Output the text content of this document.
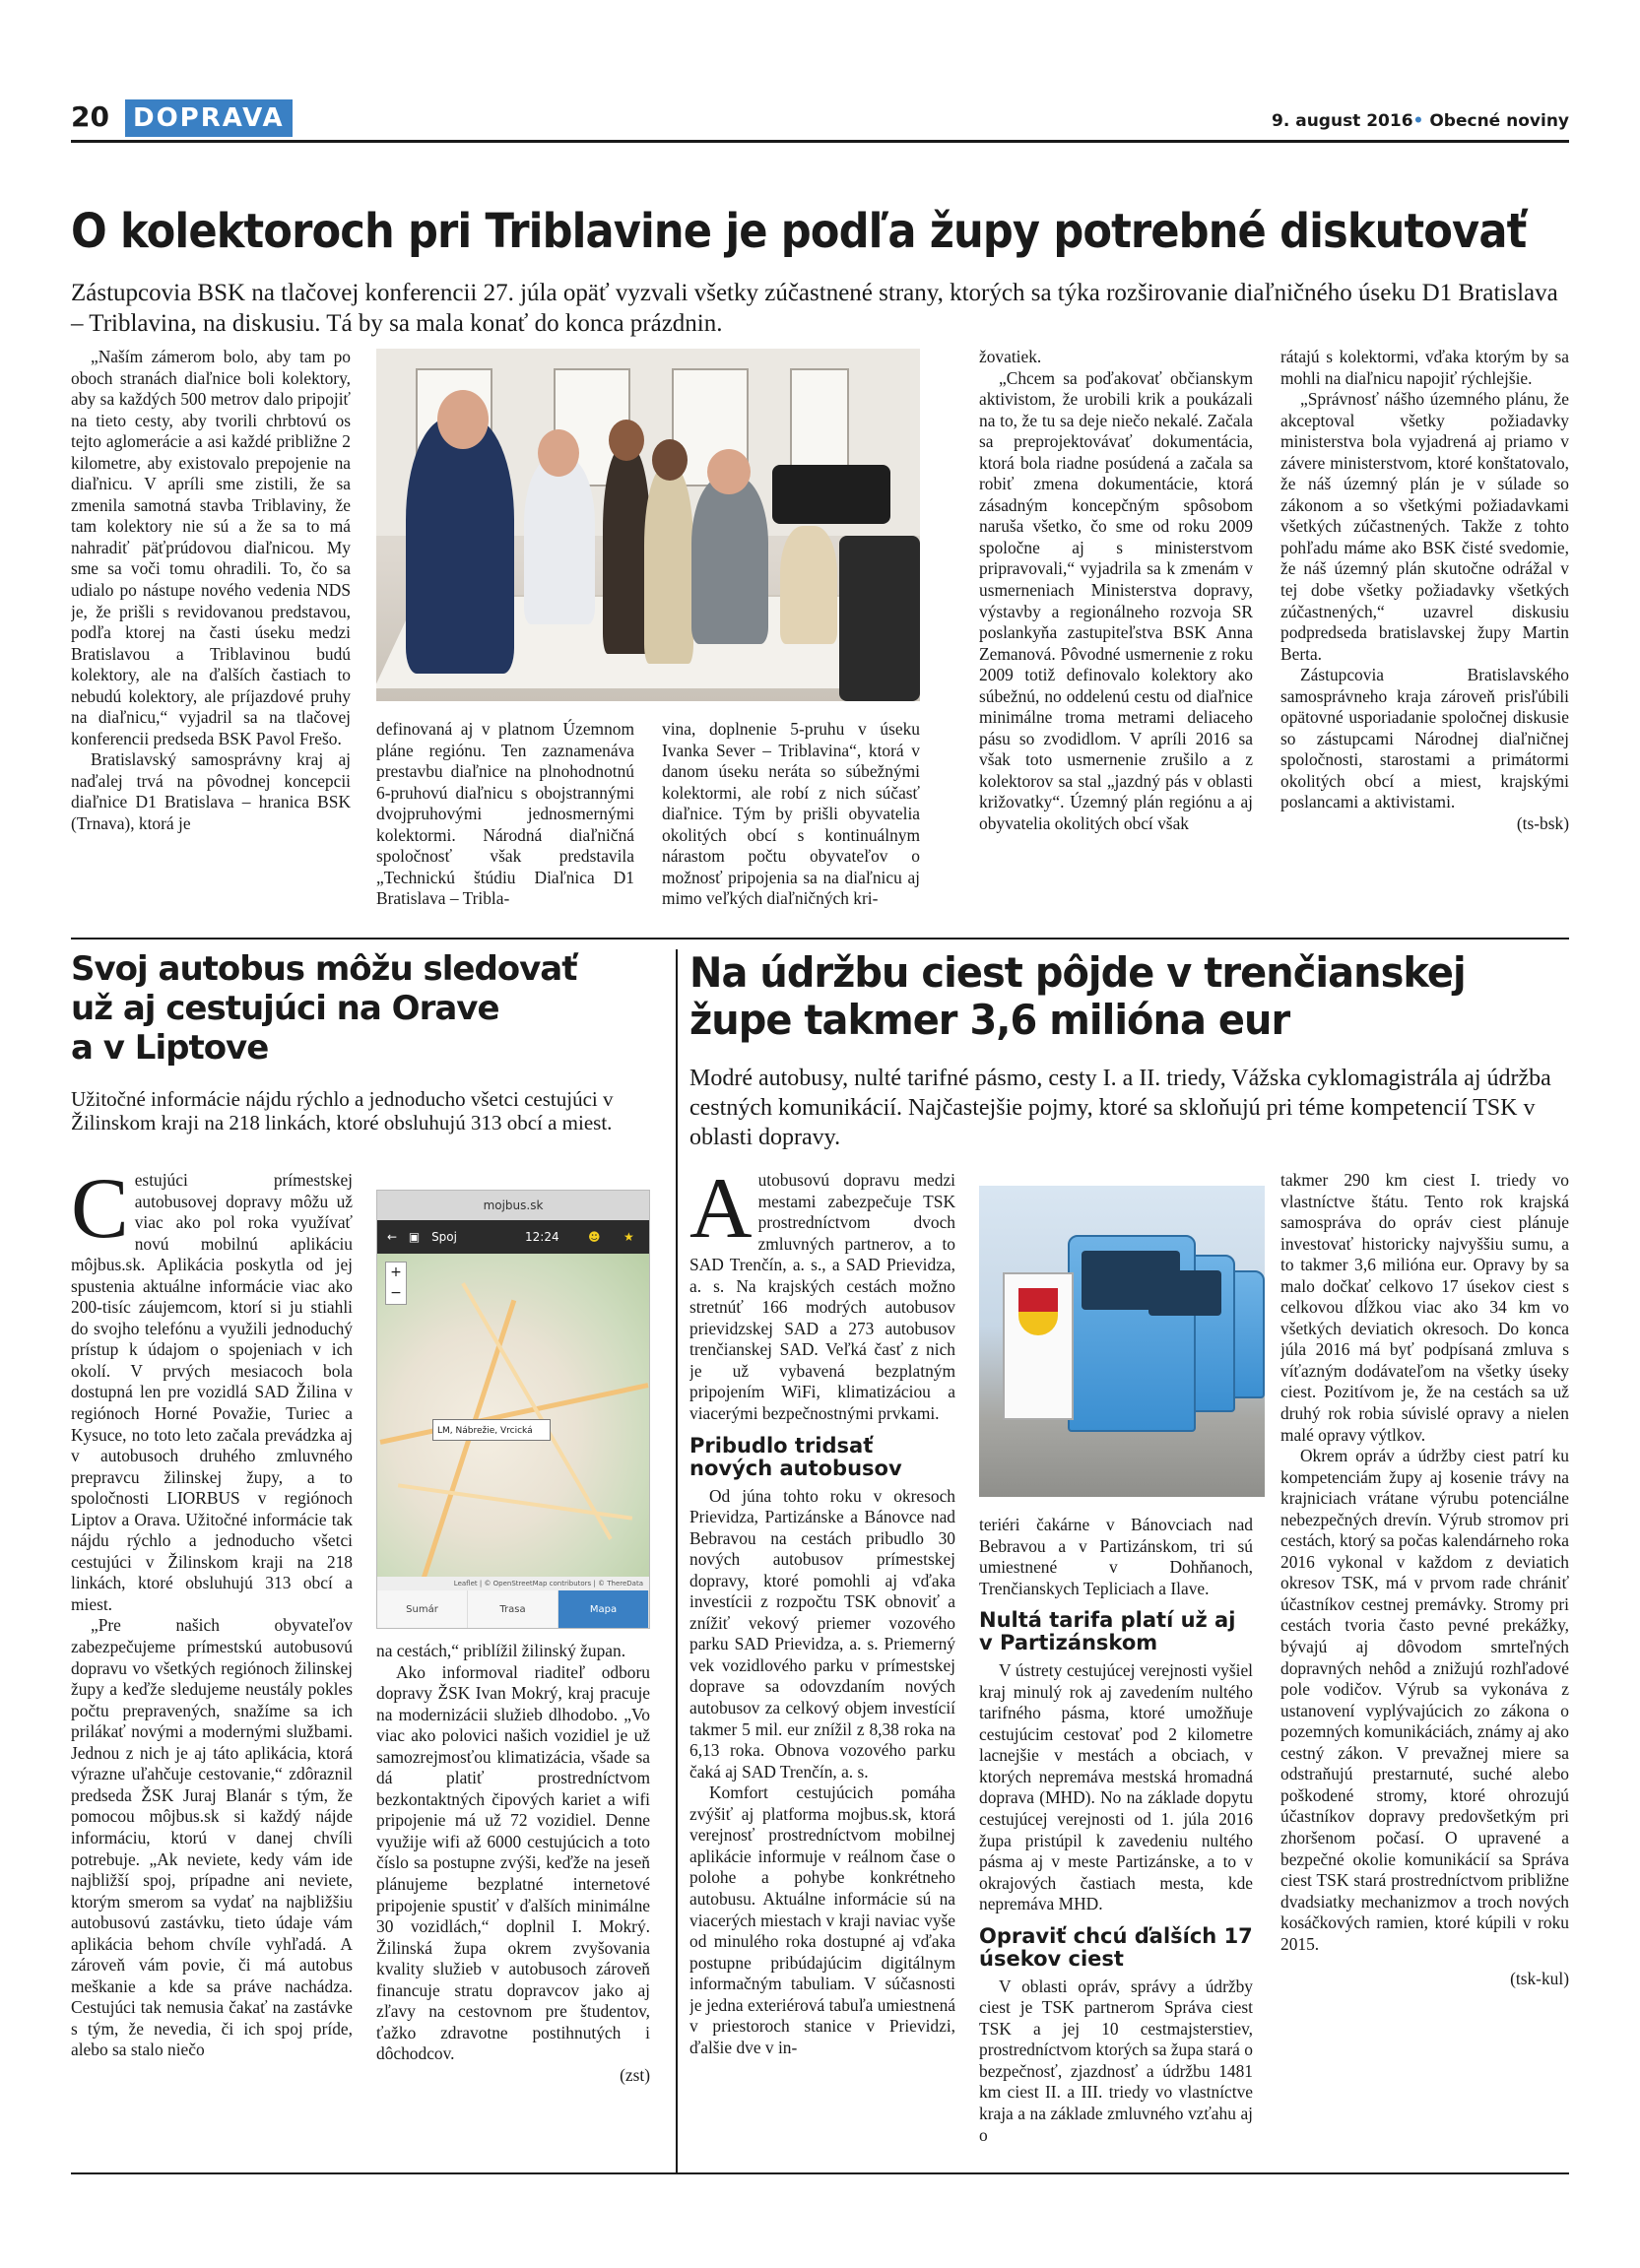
20 DOPRAVA	9. august 2016• Obecné noviny
O kolektoroch pri Triblavine je podľa župy potrebné diskutovať
Zástupcovia BSK na tlačovej konferencii 27. júla opäť vyzvali všetky zúčastnené strany, ktorých sa týka rozširovanie diaľničného úseku D1 Bratislava – Triblavina, na diskusiu. Tá by sa mala konať do konca prázdnin.

„Naším zámerom bolo, aby tam po oboch stranách diaľnice boli kolektory, aby sa každých 500 metrov dalo pripojiť na tieto cesty, aby tvorili chrbtovú os tejto aglomerácie a asi každé približne 2 kilometre, aby existovalo prepojenie na diaľnicu. V apríli sme zistili, že sa zmenila samotná stavba Triblaviny, že tam kolektory nie sú a že sa to má nahradiť päťprúdovou diaľnicou. My sme sa voči tomu ohradili. To, čo sa udialo po nástupe nového vedenia NDS je, že prišli s revidovanou predstavou, podľa ktorej na časti úseku medzi Bratislavou a Triblavinou budú kolektory, ale na ďalších častiach to nebudú kolektory, ale príjazdové pruhy na diaľnicu,“ vyjadril sa na tlačovej konferencii predseda BSK Pavol Frešo.

Bratislavský samosprávny kraj aj naďalej trvá na pôvodnej koncepcii diaľnice D1 Bratislava – hranica BSK (Trnava), ktorá je

definovaná aj v platnom Územnom pláne regiónu. Ten zaznamenáva prestavbu diaľnice na plnohodnotnú 6-pruhovú diaľnicu s obojstrannými dvojpruhovými jednosmernými kolektormi. Národná diaľničná spoločnosť však predstavila „Technickú štúdiu Diaľnica D1 Bratislava – Tribla-

vina, doplnenie 5-pruhu v úseku Ivanka Sever – Triblavina“, ktorá v danom úseku neráta so súbežnými kolektormi, ale robí z nich súčasť diaľnice. Tým by prišli obyvatelia okolitých obcí s kontinuálnym nárastom počtu obyvateľov o možnosť pripojenia sa na diaľnicu aj mimo veľkých diaľničných kri-

žovatiek.

„Chcem sa poďakovať občianskym aktivistom, že urobili krik a poukázali na to, že tu sa deje niečo nekalé. Začala sa preprojektovávať dokumentácia, ktorá bola riadne posúdená a začala sa robiť zmena dokumentácie, ktorá zásadným koncepčným spôsobom naruša všetko, čo sme od roku 2009 spoločne aj s ministerstvom pripravovali,“ vyjadrila sa k zmenám v usmerneniach Ministerstva dopravy, výstavby a regionálneho rozvoja SR poslankyňa zastupiteľstva BSK Anna Zemanová. Pôvodné usmernenie z roku 2009 totiž definovalo kolektory ako súbežnú, no oddelenú cestu od diaľnice minimálne troma metrami deliaceho pásu so zvodidlom. V apríli 2016 sa však toto usmernenie zrušilo a z kolektorov sa stal „jazdný pás v oblasti križovatky“. Územný plán regiónu a aj obyvatelia okolitých obcí však

rátajú s kolektormi, vďaka ktorým by sa mohli na diaľnicu napojiť rýchlejšie.

„Správnosť nášho územného plánu, že akceptoval všetky požiadavky ministerstva bola vyjadrená aj priamo v závere ministerstvom, ktoré konštatovalo, že náš územný plán je v súlade so zákonom a so všetkými požiadavkami všetkých zúčastnených. Takže z tohto pohľadu máme ako BSK čisté svedomie, že náš územný plán skutočne odrážal v tej dobe všetky požiadavky všetkých zúčastnených,“ uzavrel diskusiu podpredseda bratislavskej župy Martin Berta.

Zástupcovia Bratislavského samosprávneho kraja zároveň prisľúbili opätovné usporiadanie spoločnej diskusie so zástupcami Národnej diaľničnej spoločnosti, starostami a primátormi okolitých obcí a miest, krajskými poslancami a aktivistami.

(ts-bsk)

Svoj autobus môžu sledovať
už aj cestujúci na Orave
a v Liptove
Užitočné informácie nájdu rýchlo a jednoducho všetci cestujúci v Žilinskom kraji na 218 linkách, ktoré obsluhujú 313 obcí a miest.

Cestujúci prímestskej autobusovej dopravy môžu už viac ako pol roka využívať novú mobilnú aplikáciu môjbus.sk. Aplikácia poskytla od jej spustenia aktuálne informácie viac ako 200-tisíc záujemcom, ktorí si ju stiahli do svojho telefónu a využili jednoduchý prístup k údajom o spojeniach v ich okolí. V prvých mesiacoch bola dostupná len pre vozidlá SAD Žilina v regiónoch Horné Považie, Turiec a Kysuce, no toto leto začala prevádzka aj v autobusoch druhého zmluvného prepravcu žilinskej župy, a to spoločnosti LIORBUS v regiónoch Liptov a Orava. Užitočné informácie tak nájdu rýchlo a jednoducho všetci cestujúci v Žilinskom kraji na 218 linkách, ktoré obsluhujú 313 obcí a miest.

„Pre našich obyvateľov zabezpečujeme prímestskú autobusovú dopravu vo všetkých regiónoch žilinskej župy a keďže sledujeme neustály pokles počtu prepravených, snažíme sa ich prilákať novými a modernými službami. Jednou z nich je aj táto aplikácia, ktorá výrazne uľahčuje cestovanie,“ zdôraznil predseda ŽSK Juraj Blanár s tým, že pomocou môjbus.sk si každý nájde informáciu, ktorú v danej chvíli potrebuje. „Ak neviete, kedy vám ide najbližší spoj, prípadne ani neviete, ktorým smerom sa vydať na najbližšiu autobusovú zastávku, tieto údaje vám aplikácia behom chvíle vyhľadá. A zároveň vám povie, či má autobus meškanie a kde sa práve nachádza. Cestujúci tak nemusia čakať na zastávke s tým, že nevedia, či ich spoj príde, alebo sa stalo niečo

mojbus.sk
← ▣ Spoj	12:24 ☻ ★
LM, Nábrežie, Vrcická
+
−
Leaflet | © OpenStreetMap contributors | © ThereData
Sumár	Trasa	Mapa

na cestách,“ priblížil žilinský župan.

Ako informoval riaditeľ odboru dopravy ŽSK Ivan Mokrý, kraj pracuje na modernizácii služieb dlhodobo. „Vo viac ako polovici našich vozidiel je už samozrejmosťou klimatizácia, všade sa dá platiť prostredníctvom bezkontaktných čipových kariet a wifi pripojenie má už 72 vozidiel. Denne využije wifi až 6000 cestujúcich a toto číslo sa postupne zvýši, keďže na jeseň plánujeme bezplatné internetové pripojenie spustiť v ďalších minimálne 30 vozidlách,“ doplnil I. Mokrý. Žilinská župa okrem zvyšovania kvality služieb v autobusoch zároveň financuje stratu dopravcov jako aj zľavy na cestovnom pre študentov, ťažko zdravotne postihnutých i dôchodcov.

(zst)

Na údržbu ciest pôjde v trenčianskej
župe takmer 3,6 milióna eur
Modré autobusy, nulté tarifné pásmo, cesty I. a II. triedy, Vážska cyklomagistrála aj údržba cestných komunikácií. Najčastejšie pojmy, ktoré sa skloňujú pri téme kompetencií TSK v oblasti dopravy.

Autobusovú dopravu medzi mestami zabezpečuje TSK prostredníctvom dvoch zmluvných partnerov, a to SAD Trenčín, a. s., a SAD Prievidza, a. s. Na krajských cestách možno stretnúť 166 modrých autobusov prievidzskej SAD a 273 autobusov trenčianskej SAD. Veľká časť z nich je už vybavená bezplatným pripojením WiFi, klimatizáciou a viacerými bezpečnostnými prvkami.

Pribudlo tridsať nových autobusov

Od júna tohto roku v okresoch Prievidza, Partizánske a Bánovce nad Bebravou na cestách pribudlo 30 nových autobusov prímestskej dopravy, ktoré pomohli aj vďaka investícii z rozpočtu TSK obnoviť a znížiť vekový priemer vozového parku SAD Prievidza, a. s. Priemerný vek vozidlového parku v prímestskej doprave sa odovzdaním nových autobusov za celkový objem investícií takmer 5 mil. eur znížil z 8,38 roka na 6,13 roka. Obnova vozového parku čaká aj SAD Trenčín, a. s.

Komfort cestujúcich pomáha zvýšiť aj platforma mojbus.sk, ktorá verejnosť prostredníctvom mobilnej aplikácie informuje v reálnom čase o polohe a pohybe konkrétneho autobusu. Aktuálne informácie sú na viacerých miestach v kraji naviac vyše od minulého roka dostupné aj vďaka postupne pribúdajúcim digitálnym informačným tabuliam. V súčasnosti je jedna exteriérová tabuľa umiestnená v priestoroch stanice v Prievidzi, ďalšie dve v in-

teriéri čakárne v Bánovciach nad Bebravou a v Partizánskom, tri sú umiestnené v Dohňanoch, Trenčianskych Tepliciach a Ilave.

Nultá tarifa platí už aj v Partizánskom

V ústrety cestujúcej verejnosti vyšiel kraj minulý rok aj zavedením nultého tarifného pásma, ktoré umožňuje cestujúcim cestovať pod 2 kilometre lacnejšie v mestách a obciach, v ktorých nepremáva mestská hromadná doprava (MHD). No na základe dopytu cestujúcej verejnosti od 1. júla 2016 župa pristúpil k zavedeniu nultého pásma aj v meste Partizánske, a to v okrajových častiach mesta, kde nepremáva MHD.

Opraviť chcú ďalších 17 úsekov ciest

V oblasti opráv, správy a údržby ciest je TSK partnerom Správa ciest TSK a jej 10 cestmajsterstiev, prostredníctvom ktorých sa župa stará o bezpečnosť, zjazdnosť a údržbu 1481 km ciest II. a III. triedy vo vlastníctve kraja a na základe zmluvného vzťahu aj o

takmer 290 km ciest I. triedy vo vlastníctve štátu. Tento rok krajská samospráva do opráv ciest plánuje investovať historicky najvyššiu sumu, a to takmer 3,6 milióna eur. Opravy by sa malo dočkať celkovo 17 úsekov ciest s celkovou dĺžkou viac ako 34 km vo všetkých deviatich okresoch. Do konca júla 2016 má byť podpísaná zmluva s víťazným dodávateľom na všetky úseky ciest. Pozitívom je, že na cestách sa už druhý rok robia súvislé opravy a nielen malé opravy výtlkov.

Okrem opráv a údržby ciest patrí ku kompetenciám župy aj kosenie trávy na krajniciach vrátane výrubu potenciálne nebezpečných drevín. Výrub stromov pri cestách, ktorý sa počas kalendárneho roka 2016 vykonal v každom z deviatich okresov TSK, má v prvom rade chrániť účastníkov cestnej premávky. Stromy pri cestách tvoria často pevné prekážky, bývajú aj dôvodom smrteľných dopravných nehôd a znižujú rozhľadové pole vodičov. Výrub sa vykonáva z ustanovení vyplývajúcich zo zákona o pozemných komunikáciách, známy aj ako cestný zákon. V prevažnej miere sa odstraňujú prestarnuté, suché alebo poškodené stromy, ktoré ohrozujú účastníkov dopravy predovšetkým pri zhoršenom počasí. O upravené a bezpečné okolie komunikácií sa Správa ciest TSK stará prostredníctvom približne dvadsiatky mechanizmov a troch nových kosáčkových ramien, ktoré kúpili v roku 2015.

(tsk-kul)
